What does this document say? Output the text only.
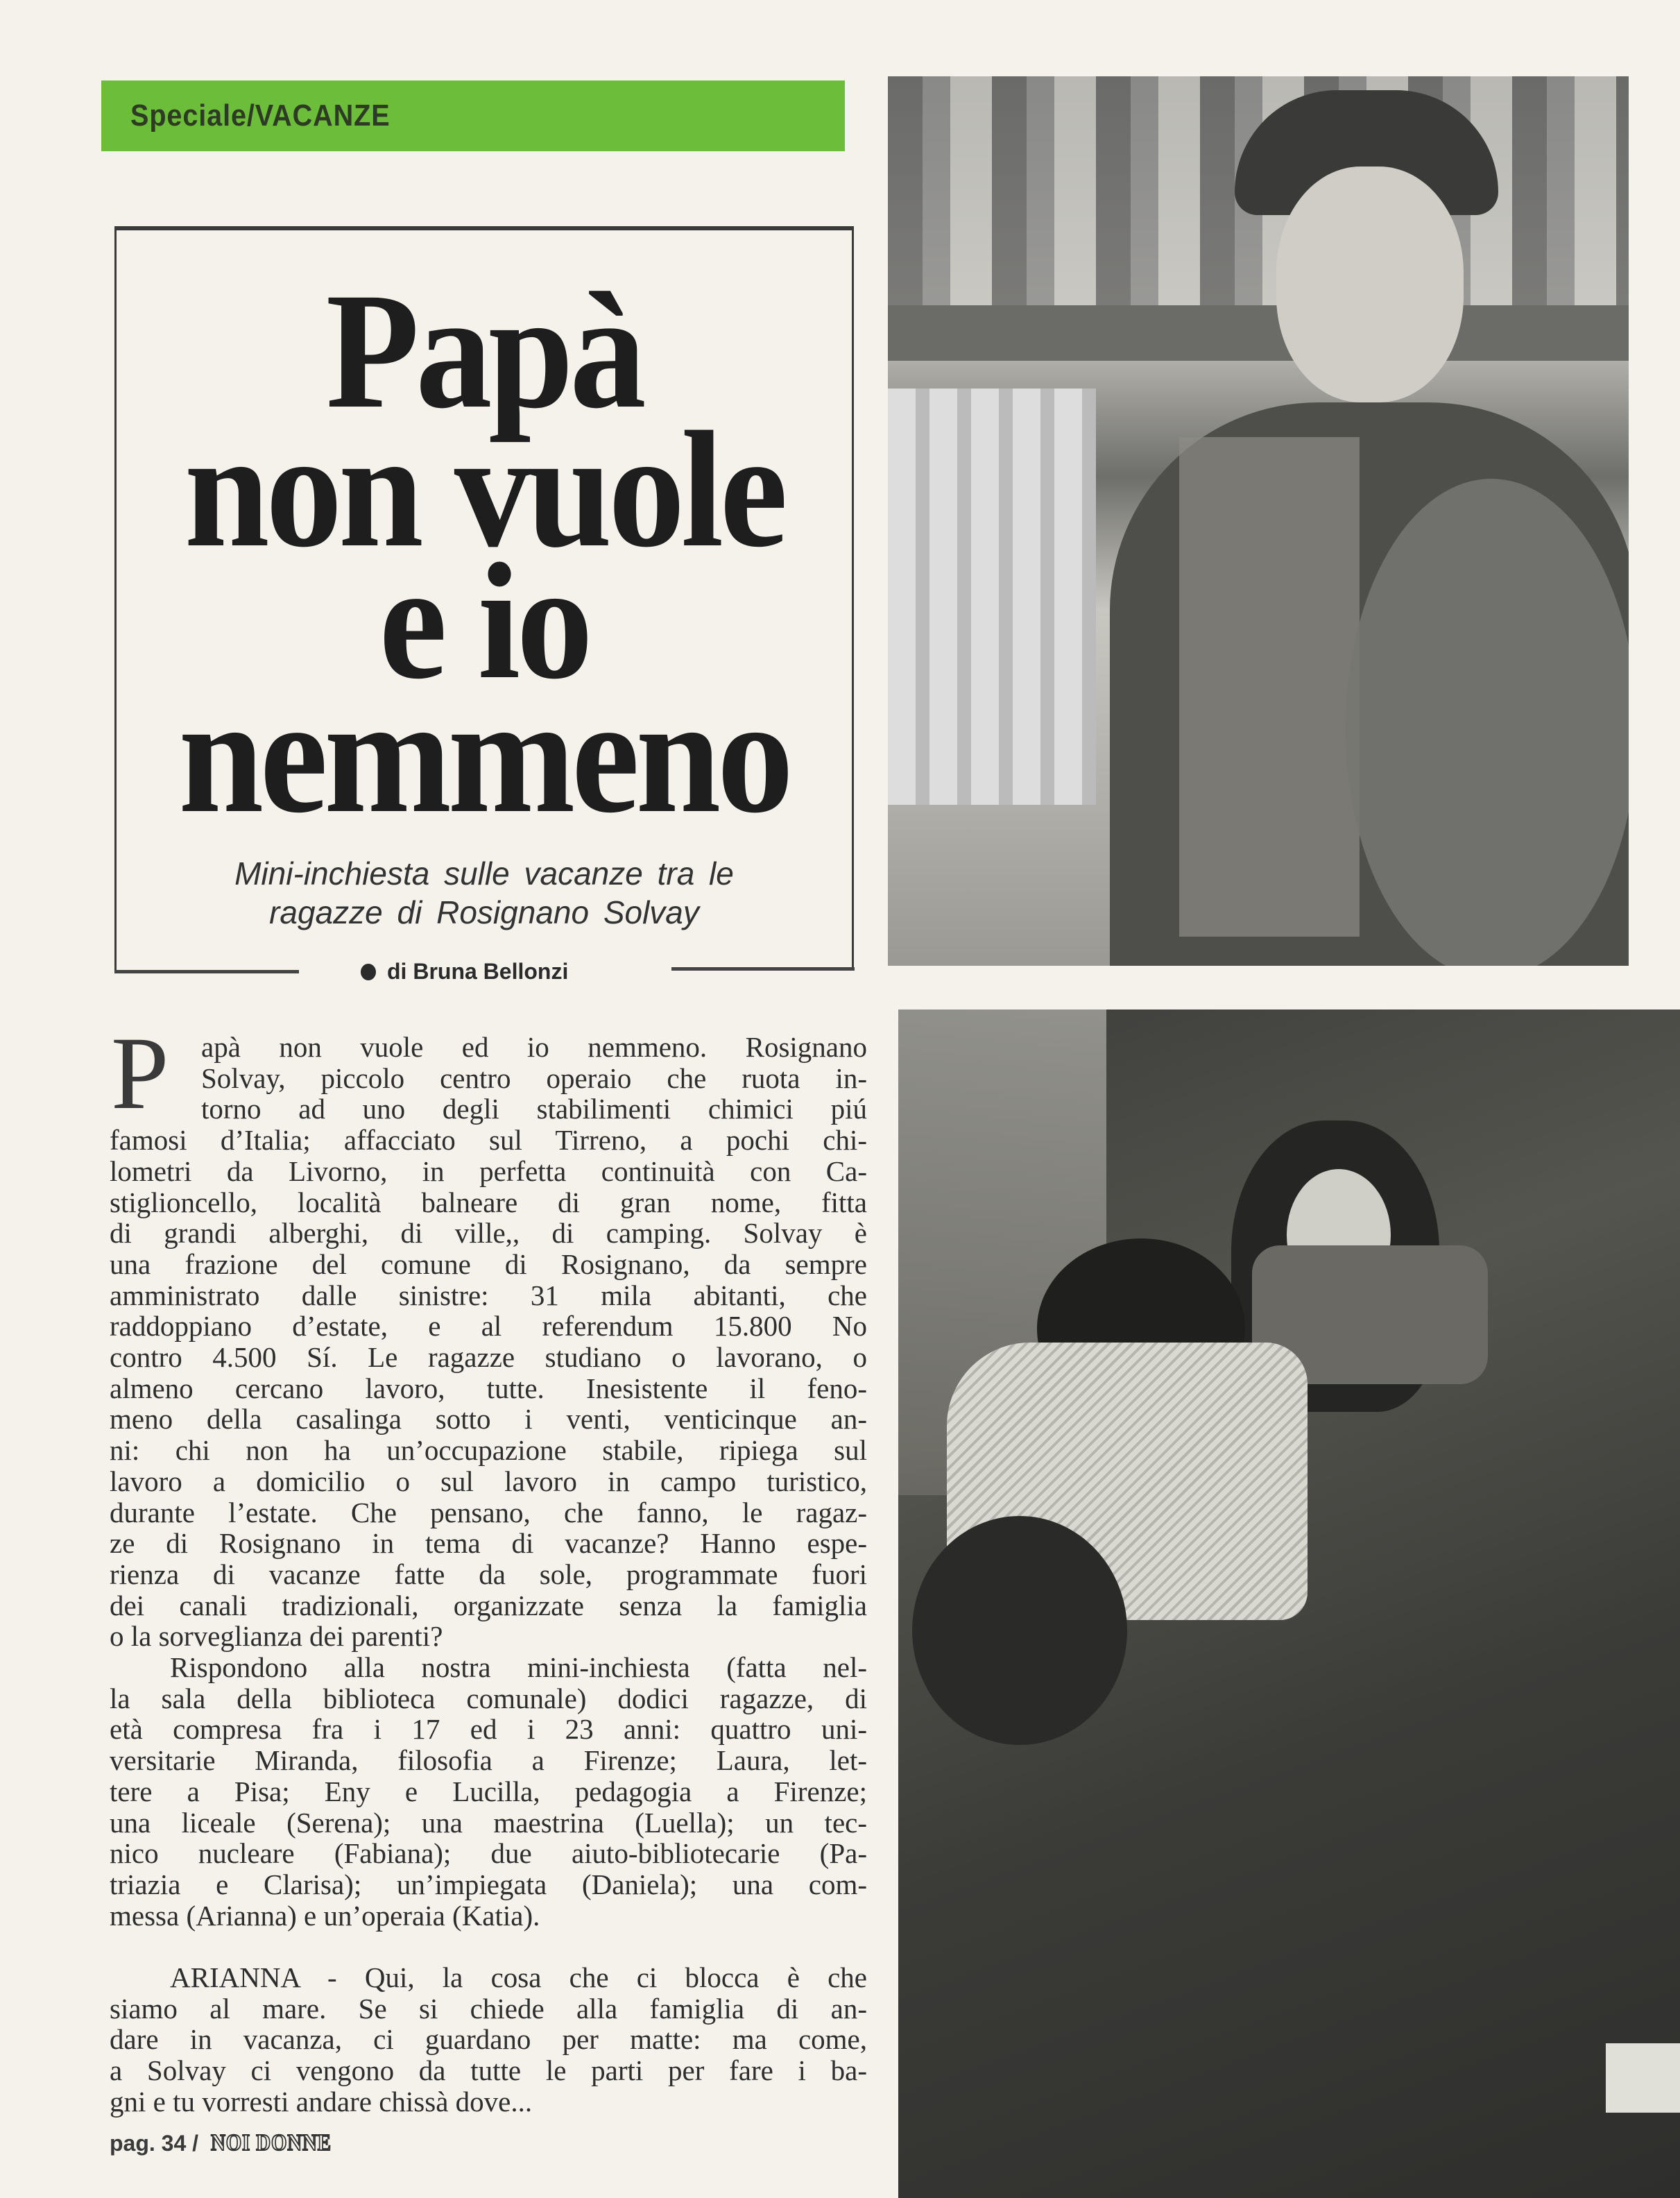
Speciale/VACANZE
Papà
non vuole
e io
nemmeno
Mini-inchiesta sulle vacanze tra le
ragazze di Rosignano Solvay
di Bruna Bellonzi
P apà non vuole ed io nemmeno. Rosignano
Solvay, piccolo centro operaio che ruota in-
torno ad uno degli stabilimenti chimici piú
famosi d’Italia; affacciato sul Tirreno, a pochi chi-
lometri da Livorno, in perfetta continuità con Ca-
stiglioncello, località balneare di gran nome, fitta
di grandi alberghi, di ville,, di camping. Solvay è
una frazione del comune di Rosignano, da sempre
amministrato dalle sinistre: 31 mila abitanti, che
raddoppiano d’estate, e al referendum 15.800 No
contro 4.500 Sí. Le ragazze studiano o lavorano, o
almeno cercano lavoro, tutte. Inesistente il feno-
meno della casalinga sotto i venti, venticinque an-
ni: chi non ha un’occupazione stabile, ripiega sul
lavoro a domicilio o sul lavoro in campo turistico,
durante l’estate. Che pensano, che fanno, le ragaz-
ze di Rosignano in tema di vacanze? Hanno espe-
rienza di vacanze fatte da sole, programmate fuori
dei canali tradizionali, organizzate senza la famiglia
o la sorveglianza dei parenti?
Rispondono alla nostra mini-inchiesta (fatta nel-
la sala della biblioteca comunale) dodici ragazze, di
età compresa fra i 17 ed i 23 anni: quattro uni-
versitarie Miranda, filosofia a Firenze; Laura, let-
tere a Pisa; Eny e Lucilla, pedagogia a Firenze;
una liceale (Serena); una maestrina (Luella); un tec-
nico nucleare (Fabiana); due aiuto-bibliotecarie (Pa-
triazia e Clarisa); un’impiegata (Daniela); una com-
messa (Arianna) e un’operaia (Katia).
ARIANNA - Qui, la cosa che ci blocca è che
siamo al mare. Se si chiede alla famiglia di an-
dare in vacanza, ci guardano per matte: ma come,
a Solvay ci vengono da tutte le parti per fare i ba-
gni e tu vorresti andare chissà dove...
pag. 34 / NOI DONNE
